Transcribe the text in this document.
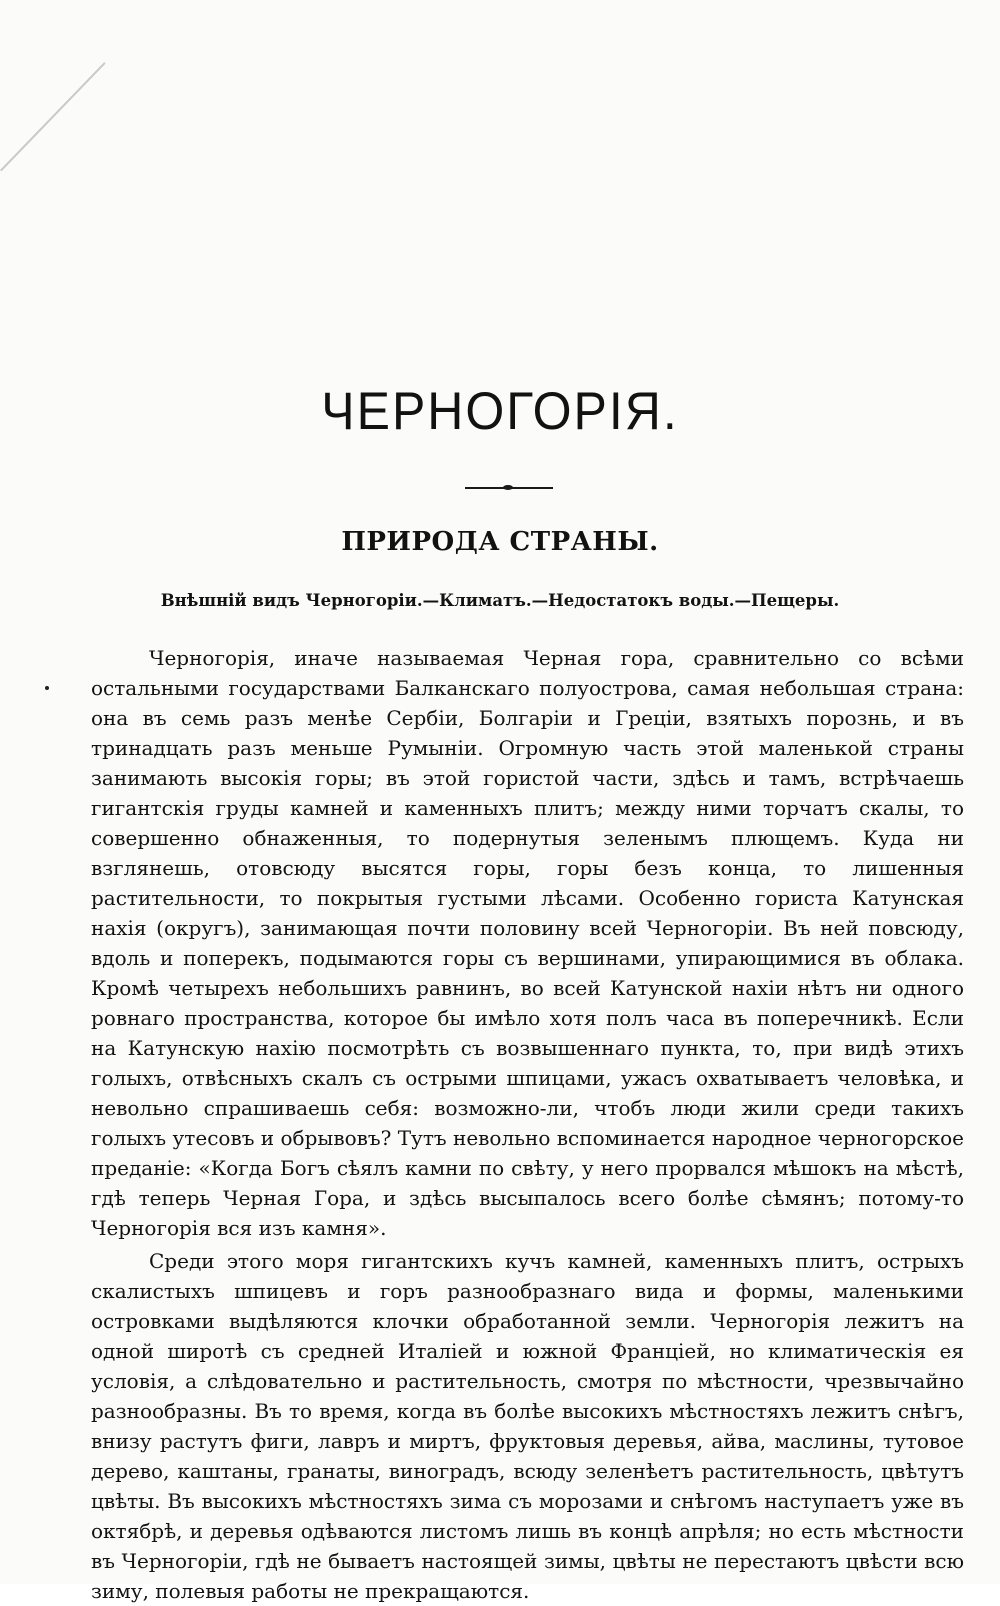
ЧЕРНОГОРІЯ.
ПРИРОДА СТРАНЫ.

Внѣшній видъ Черногоріи.—Климатъ.—Недостатокъ воды.—Пещеры.

Черногорія, иначе называемая Черная гора, сравнительно со всѣми остальными государствами Балканскаго полуострова, самая небольшая страна: она въ семь разъ менѣе Сербіи, Болгаріи и Греціи, взятыхъ порознь, и въ тринадцать разъ меньше Румыніи. Огромную часть этой маленькой страны занимають высокія горы; въ этой гористой части, здѣсь и тамъ, встрѣчаешь гигантскія груды камней и каменныхъ плитъ; между ними торчатъ скалы, то совершенно обнаженныя, то подернутыя зеленымъ плющемъ. Куда ни взглянешь, отовсюду высятся горы, горы безъ конца, то лишенныя растительности, то покрытыя густыми лѣсами. Особенно гориста Катунская нахія (округъ), занимающая почти половину всей Черногоріи. Въ ней повсюду, вдоль и поперекъ, подымаются горы съ вершинами, упирающимися въ облака. Кромѣ четырехъ небольшихъ равнинъ, во всей Катунской нахіи нѣтъ ни одного ровнаго пространства, которое бы имѣло хотя полъ часа въ поперечникѣ. Если на Катунскую нахію посмотрѣть съ возвышеннаго пункта, то, при видѣ этихъ голыхъ, отвѣсныхъ скалъ съ острыми шпицами, ужасъ охватываетъ человѣка, и невольно спрашиваешь себя: возможно-ли, чтобъ люди жили среди такихъ голыхъ утесовъ и обрывовъ? Тутъ невольно вспоминается народное черногорское преданіе: «Когда Богъ сѣялъ камни по свѣту, у него прорвался мѣшокъ на мѣстѣ, гдѣ теперь Черная Гора, и здѣсь высыпалось всего болѣе сѣмянъ; потому-то Черногорія вся изъ камня».

Среди этого моря гигантскихъ кучъ камней, каменныхъ плитъ, острыхъ скалистыхъ шпицевъ и горъ разнообразнаго вида и формы, маленькими островками выдѣляются клочки обработанной земли. Черногорія лежитъ на одной широтѣ съ средней Италіей и южной Франціей, но климатическія ея условія, а слѣдовательно и растительность, смотря по мѣстности, чрезвычайно разнообразны. Въ то время, когда въ болѣе высокихъ мѣстностяхъ лежитъ снѣгъ, внизу растутъ фиги, лавръ и миртъ, фруктовыя деревья, айва, маслины, тутовое дерево, каштаны, гранаты, виноградъ, всюду зеленѣетъ растительность, цвѣтутъ цвѣты. Въ высокихъ мѣстностяхъ зима съ морозами и снѣгомъ наступаетъ уже въ октябрѣ, и деревья одѣваются листомъ лишь въ концѣ апрѣля; но есть мѣстности въ Черногоріи, гдѣ не бываетъ настоящей зимы, цвѣты не перестаютъ цвѣсти всю зиму, полевыя работы не прекращаются.
